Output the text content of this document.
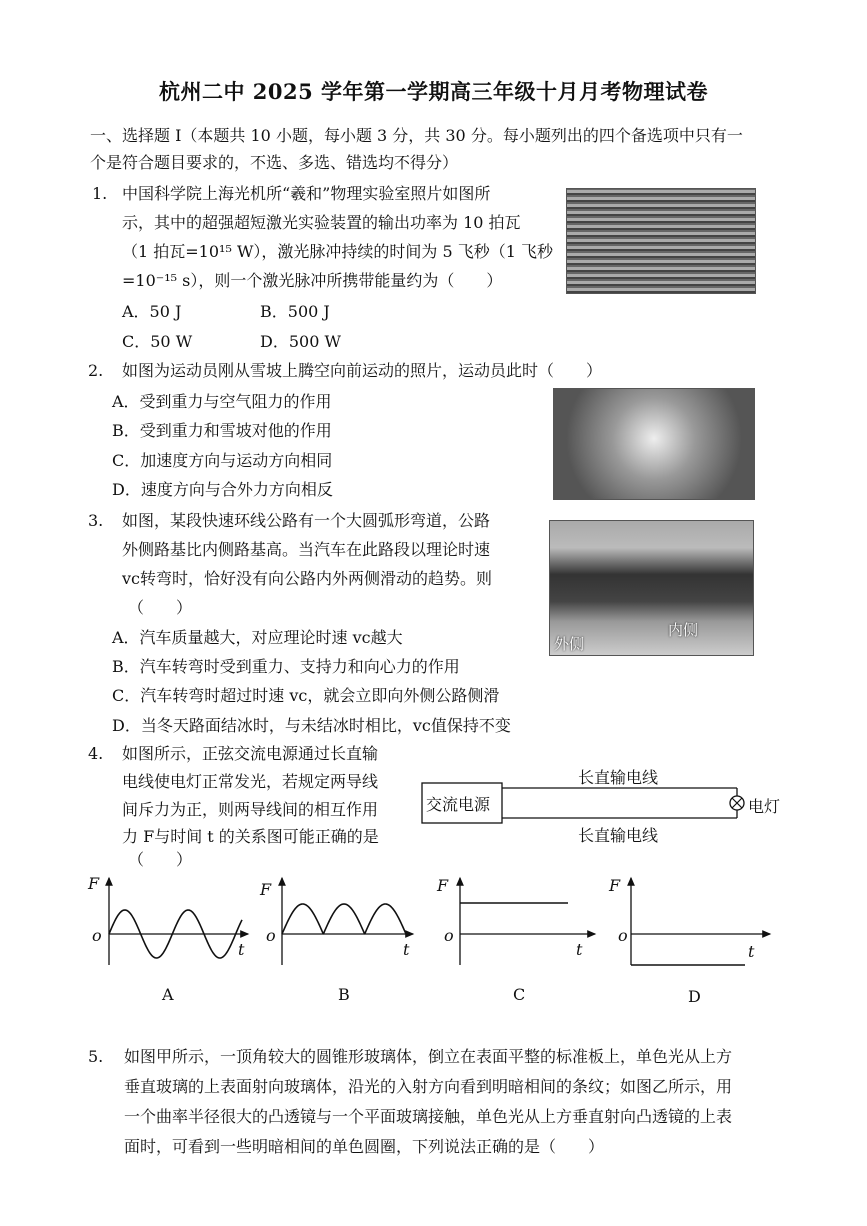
杭州二中 2025 学年第一学期高三年级十月月考物理试卷
一、选择题 I（本题共 10 小题，每小题 3 分，共 30 分。每小题列出的四个备选项中只有一
个是符合题目要求的，不选、多选、错选均不得分）
1. 中国科学院上海光机所“羲和”物理实验室照片如图所
示，其中的超强超短激光实验装置的输出功率为 10 拍瓦
（1 拍瓦=10¹⁵ W），激光脉冲持续的时间为 5 飞秒（1 飞秒
=10⁻¹⁵ s），则一个激光脉冲所携带能量约为（　　）
A．50 J	B．500 J
C．50 W	D．500 W
2. 如图为运动员刚从雪坡上腾空向前运动的照片，运动员此时（　　）
A．受到重力与空气阻力的作用
B．受到重力和雪坡对他的作用
C．加速度方向与运动方向相同
D．速度方向与合外力方向相反
3. 如图，某段快速环线公路有一个大圆弧形弯道，公路
外侧路基比内侧路基高。当汽车在此路段以理论时速
vc转弯时，恰好没有向公路内外两侧滑动的趋势。则
（　　）
A．汽车质量越大，对应理论时速 vc越大
B．汽车转弯时受到重力、支持力和向心力的作用
C．汽车转弯时超过时速 vc，就会立即向外侧公路侧滑
D．当冬天路面结冰时，与未结冰时相比，vc值保持不变
内侧
外侧
4. 如图所示，正弦交流电源通过长直输
电线使电灯正常发光，若规定两导线
间斥力为正，则两导线间的相互作用
力 F与时间 t 的关系图可能正确的是
（　　）
交流电源
长直输电线
长直输电线
电灯
F
o
t
A
F
o
t
B
F
o
t
C
F
o
t
D
5. 如图甲所示，一顶角较大的圆锥形玻璃体，倒立在表面平整的标准板上，单色光从上方
垂直玻璃的上表面射向玻璃体，沿光的入射方向看到明暗相间的条纹；如图乙所示，用
一个曲率半径很大的凸透镜与一个平面玻璃接触，单色光从上方垂直射向凸透镜的上表
面时，可看到一些明暗相间的单色圆圈，下列说法正确的是（　　）
